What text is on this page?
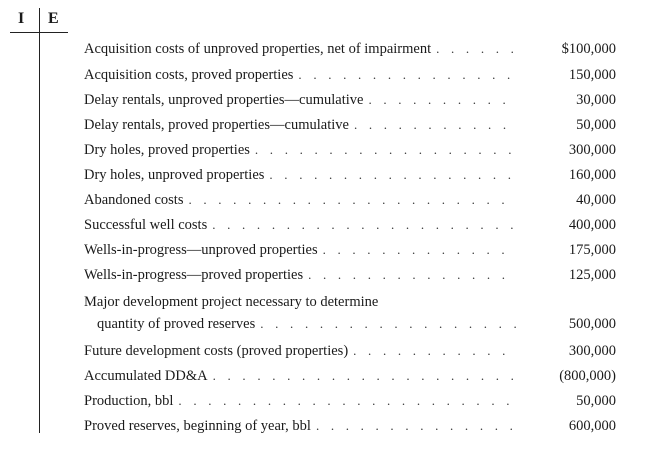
I E
Acquisition costs of unproved properties, net of impairment . . .	$100,000
Acquisition costs, proved properties . . .	150,000
Delay rentals, unproved properties—cumulative . . .	30,000
Delay rentals, proved properties—cumulative . . .	50,000
Dry holes, proved properties . . .	300,000
Dry holes, unproved properties . . .	160,000
Abandoned costs . . .	40,000
Successful well costs . . .	400,000
Wells-in-progress—unproved properties . . .	175,000
Wells-in-progress—proved properties . . .	125,000
Major development project necessary to determine
quantity of proved reserves . . .	500,000
Future development costs (proved properties) . . .	300,000
Accumulated DD&A . . .	(800,000)
Production, bbl . . .	50,000
Proved reserves, beginning of year, bbl . . .	600,000
